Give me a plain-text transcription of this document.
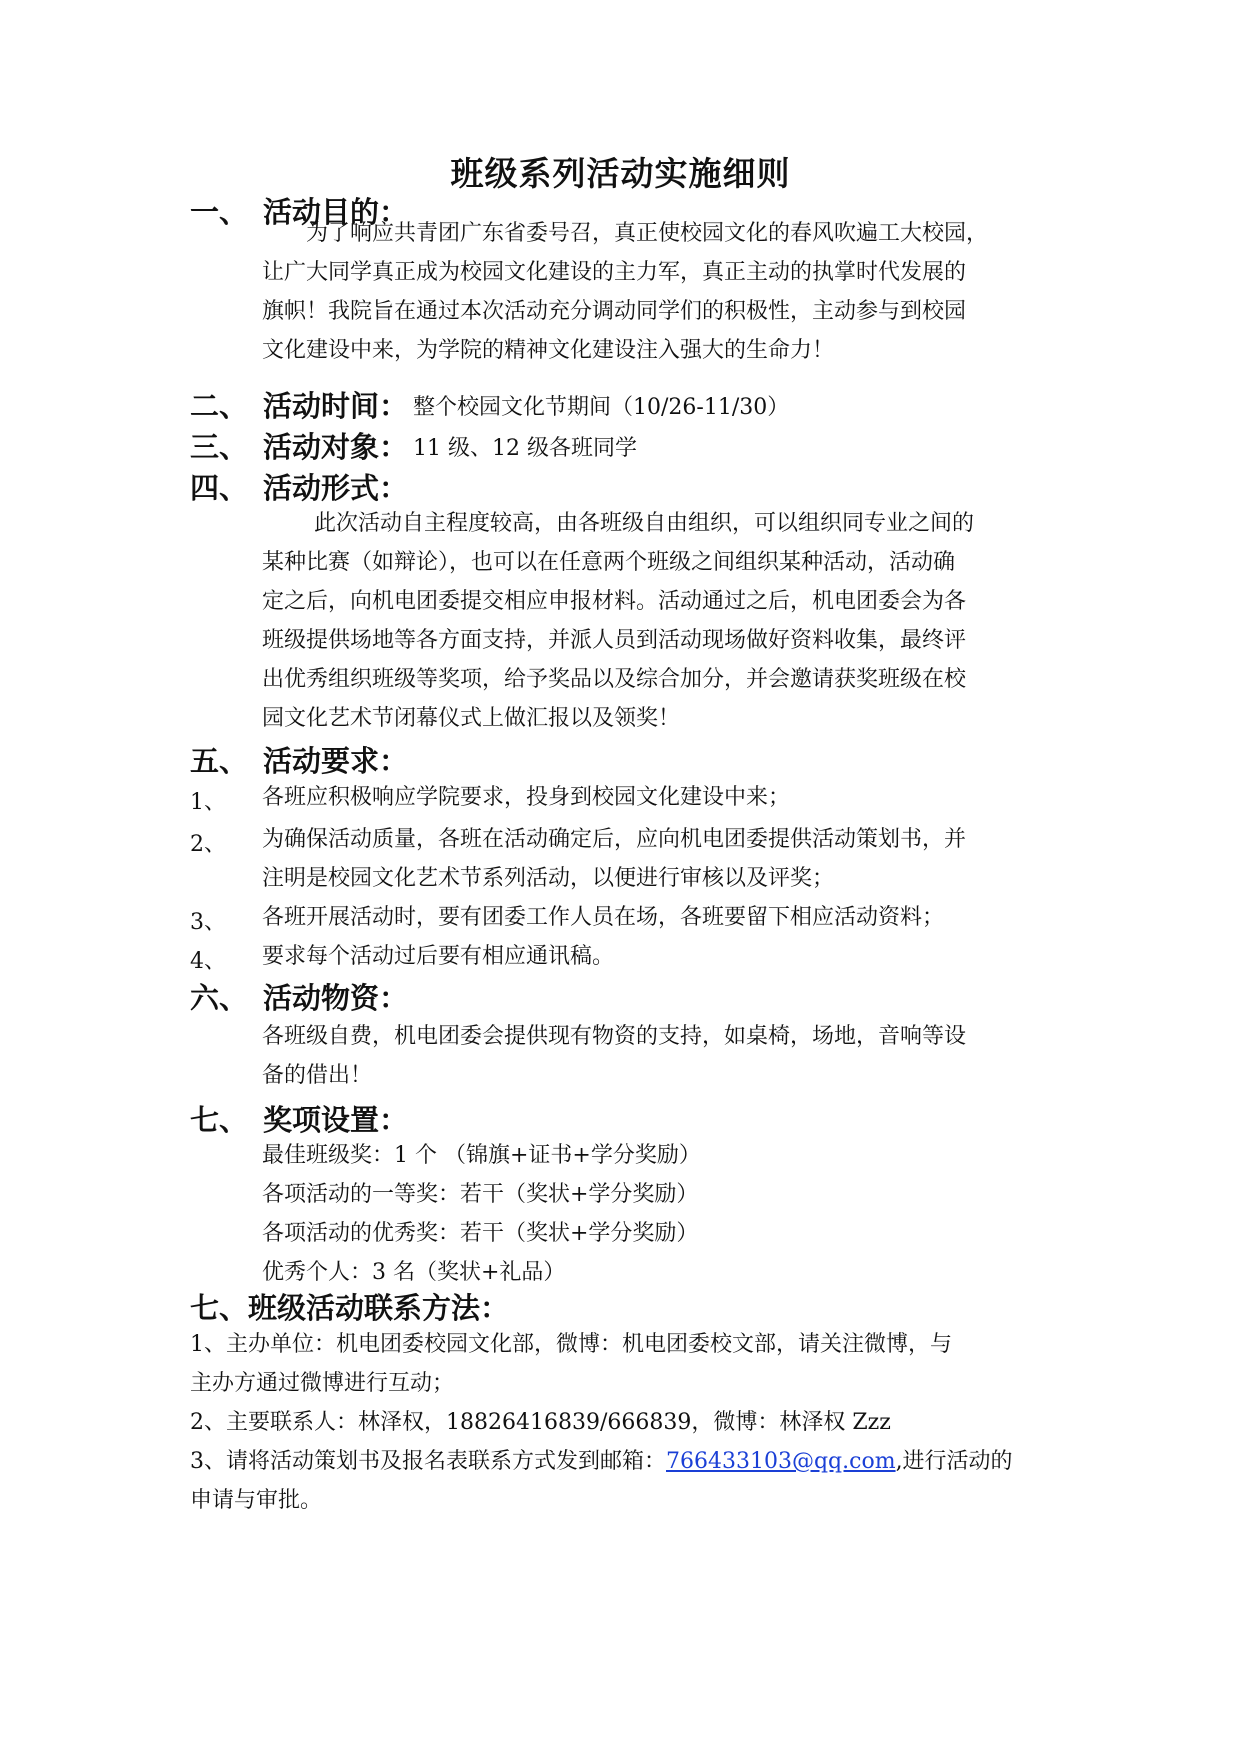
班级系列活动实施细则
一、 活动目的：
为了响应共青团广东省委号召，真正使校园文化的春风吹遍工大校园，
让广大同学真正成为校园文化建设的主力军，真正主动的执掌时代发展的
旗帜！我院旨在通过本次活动充分调动同学们的积极性，主动参与到校园
文化建设中来，为学院的精神文化建设注入强大的生命力！
二、 活动时间： 整个校园文化节期间（10/26-11/30）
三、 活动对象： 11 级、12 级各班同学
四、 活动形式：
此次活动自主程度较高，由各班级自由组织，可以组织同专业之间的
某种比赛（如辩论），也可以在任意两个班级之间组织某种活动，活动确
定之后，向机电团委提交相应申报材料。活动通过之后，机电团委会为各
班级提供场地等各方面支持，并派人员到活动现场做好资料收集，最终评
出优秀组织班级等奖项，给予奖品以及综合加分，并会邀请获奖班级在校
园文化艺术节闭幕仪式上做汇报以及领奖！
五、 活动要求：
1、 各班应积极响应学院要求，投身到校园文化建设中来；
2、 为确保活动质量，各班在活动确定后，应向机电团委提供活动策划书，并
注明是校园文化艺术节系列活动，以便进行审核以及评奖；
3、 各班开展活动时，要有团委工作人员在场，各班要留下相应活动资料；
4、 要求每个活动过后要有相应通讯稿。
六、 活动物资：
各班级自费，机电团委会提供现有物资的支持，如桌椅，场地，音响等设
备的借出！
七、 奖项设置：
最佳班级奖：1 个 （锦旗+证书+学分奖励）
各项活动的一等奖：若干（奖状+学分奖励）
各项活动的优秀奖：若干（奖状+学分奖励）
优秀个人：3 名（奖状+礼品）
七、班级活动联系方法：
1、主办单位：机电团委校园文化部，微博：机电团委校文部，请关注微博，与
主办方通过微博进行互动；
2、主要联系人：林泽权，18826416839/666839，微博：林泽权 Zzz
3、请将活动策划书及报名表联系方式发到邮箱：766433103@qq.com,进行活动的
申请与审批。
